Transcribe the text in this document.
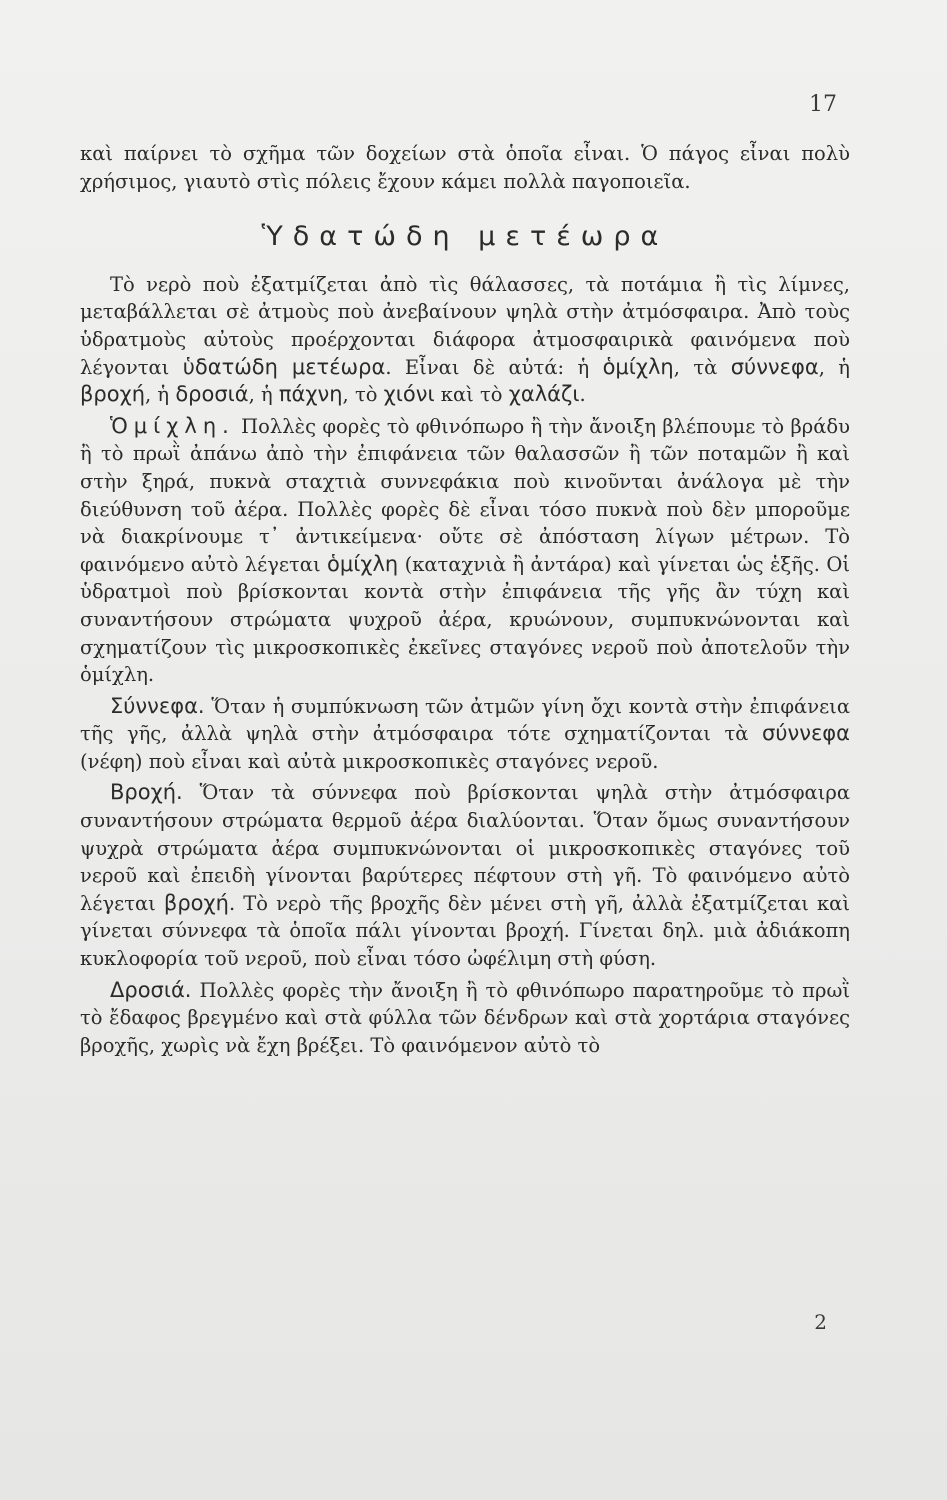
17

καὶ παίρνει τὸ σχῆμα τῶν δοχείων στὰ ὁποῖα εἶναι. Ὁ πάγος εἶναι πολὺ χρήσιμος, γιαυτὸ στὶς πόλεις ἔχουν κάμει πολλὰ παγοποιεῖα.

Ὑδατώδη μετέωρα

Τὸ νερὸ ποὺ ἐξατμίζεται ἀπὸ τὶς θάλασσες, τὰ ποτάμια ἢ τὶς λίμνες, μεταβάλλεται σὲ ἀτμοὺς ποὺ ἀνεβαίνουν ψηλὰ στὴν ἀτμόσφαιρα. Ἀπὸ τοὺς ὑδρατμοὺς αὐτοὺς προέρχονται διάφορα ἀτμοσφαιρικὰ φαινόμενα ποὺ λέγονται ὑδατώδη μετέωρα. Εἶναι δὲ αὐτά: ἡ ὁμίχλη, τὰ σύννεφα, ἡ βροχή, ἡ δροσιά, ἡ πάχνη, τὸ χιόνι καὶ τὸ χαλάζι.

Ὁμίχλη. Πολλὲς φορὲς τὸ φθινόπωρο ἢ τὴν ἄνοιξη βλέπουμε τὸ βράδυ ἢ τὸ πρωῒ ἀπάνω ἀπὸ τὴν ἐπιφάνεια τῶν θαλασσῶν ἢ τῶν ποταμῶν ἢ καὶ στὴν ξηρά, πυκνὰ σταχτιὰ συννεφάκια ποὺ κινοῦνται ἀνάλογα μὲ τὴν διεύθυνση τοῦ ἀέρα. Πολλὲς φορὲς δὲ εἶναι τόσο πυκνὰ ποὺ δὲν μποροῦμε νὰ διακρίνουμε τ᾿ ἀντικείμενα· οὔτε σὲ ἀπόσταση λίγων μέτρων. Τὸ φαινόμενο αὐτὸ λέγεται ὁμίχλη (καταχνιὰ ἢ ἀντάρα) καὶ γίνεται ὡς ἑξῆς. Οἱ ὑδρατμοὶ ποὺ βρίσκονται κοντὰ στὴν ἐπιφάνεια τῆς γῆς ἂν τύχη καὶ συναντήσουν στρώματα ψυχροῦ ἀέρα, κρυώνουν, συμπυκνώνονται καὶ σχηματίζουν τὶς μικροσκοπικὲς ἐκεῖνες σταγόνες νεροῦ ποὺ ἀποτελοῦν τὴν ὁμίχλη.

Σύννεφα. Ὅταν ἡ συμπύκνωση τῶν ἀτμῶν γίνη ὄχι κοντὰ στὴν ἐπιφάνεια τῆς γῆς, ἀλλὰ ψηλὰ στὴν ἀτμόσφαιρα τότε σχηματίζονται τὰ σύννεφα (νέφη) ποὺ εἶναι καὶ αὐτὰ μικροσκοπικὲς σταγόνες νεροῦ.

Βροχή. Ὅταν τὰ σύννεφα ποὺ βρίσκονται ψηλὰ στὴν ἀτμόσφαιρα συναντήσουν στρώματα θερμοῦ ἀέρα διαλύονται. Ὅταν ὅμως συναντήσουν ψυχρὰ στρώματα ἀέρα συμπυκνώνονται οἱ μικροσκοπικὲς σταγόνες τοῦ νεροῦ καὶ ἐπειδὴ γίνονται βαρύτερες πέφτουν στὴ γῆ. Τὸ φαινόμενο αὐτὸ λέγεται βροχή. Τὸ νερὸ τῆς βροχῆς δὲν μένει στὴ γῆ, ἀλλὰ ἐξατμίζεται καὶ γίνεται σύννεφα τὰ ὁποῖα πάλι γίνονται βροχή. Γίνεται δηλ. μιὰ ἀδιάκοπη κυκλοφορία τοῦ νεροῦ, ποὺ εἶναι τόσο ὠφέλιμη στὴ φύση.

Δροσιά. Πολλὲς φορὲς τὴν ἄνοιξη ἢ τὸ φθινόπωρο παρατηροῦμε τὸ πρωῒ τὸ ἔδαφος βρεγμένο καὶ στὰ φύλλα τῶν δένδρων καὶ στὰ χορτάρια σταγόνες βροχῆς, χωρὶς νὰ ἔχη βρέξει. Τὸ φαινόμενον αὐτὸ τὸ

2
